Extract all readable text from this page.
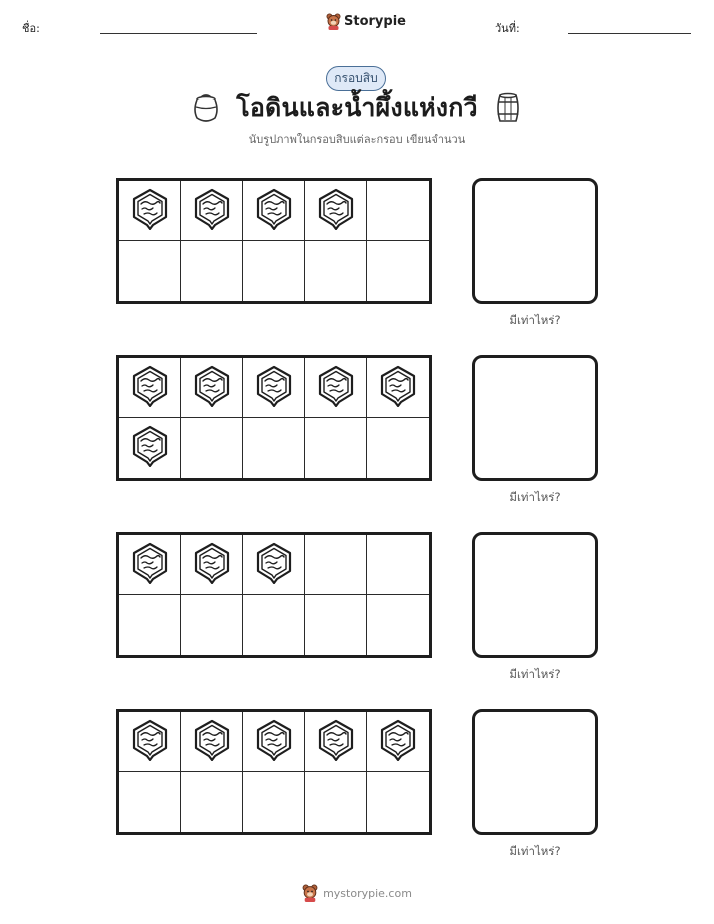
ชื่อ:	Storypie	วันที่:
กรอบสิบ
โอดินและน้ำผึ้งแห่งกวี
นับรูปภาพในกรอบสิบแต่ละกรอบ เขียนจำนวน
มีเท่าไหร่?
มีเท่าไหร่?
มีเท่าไหร่?
มีเท่าไหร่?
mystorypie.com
